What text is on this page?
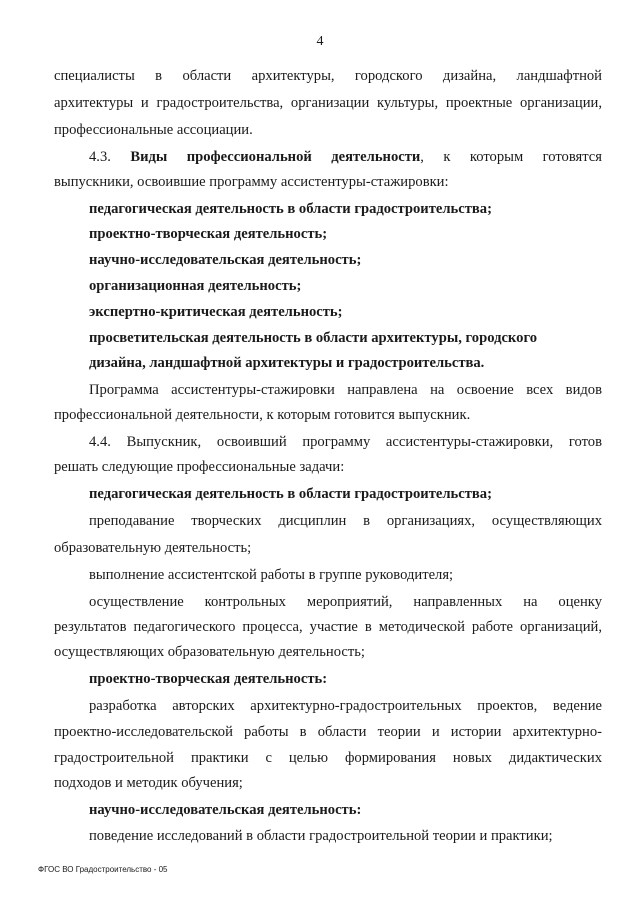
4
специалисты в области архитектуры, городского дизайна, ландшафтной
архитектуры и градостроительства, организации культуры, проектные организации,
профессиональные ассоциации.
4.3. Виды профессиональной деятельности, к которым готовятся
выпускники, освоившие программу ассистентуры-стажировки:
педагогическая деятельность в области градостроительства;
проектно-творческая деятельность;
научно-исследовательская деятельность;
организационная деятельность;
экспертно-критическая деятельность;
просветительская деятельность в области архитектуры, городского
дизайна, ландшафтной архитектуры и градостроительства.
Программа ассистентуры-стажировки направлена на освоение всех видов
профессиональной деятельности, к которым готовится выпускник.
4.4. Выпускник, освоивший программу ассистентуры-стажировки, готов
решать следующие профессиональные задачи:
педагогическая деятельность в области градостроительства;
преподавание творческих дисциплин в организациях, осуществляющих
образовательную деятельность;
выполнение ассистентской работы в группе руководителя;
осуществление контрольных мероприятий, направленных на оценку
результатов педагогического процесса, участие в методической работе организаций,
осуществляющих образовательную деятельность;
проектно-творческая деятельность:
разработка авторских архитектурно-градостроительных проектов, ведение
проектно-исследовательской работы в области теории и истории архитектурно-
градостроительной практики с целью формирования новых дидактических
подходов и методик обучения;
научно-исследовательская деятельность:
поведение исследований в области градостроительной теории и практики;
ФГОС ВО Градостроительство - 05
